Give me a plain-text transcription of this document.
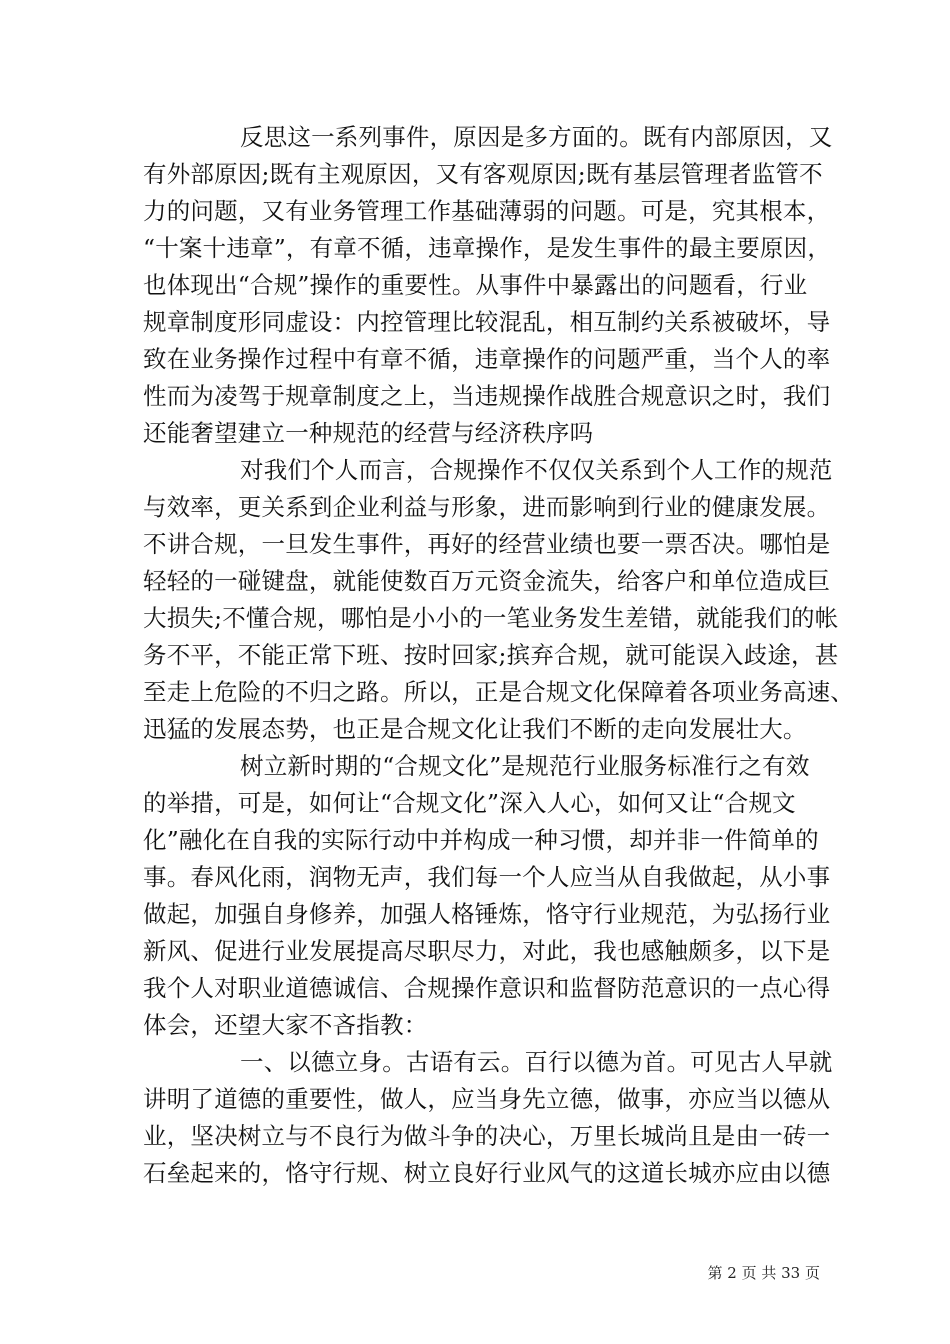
反思这一系列事件，原因是多方面的。既有内部原因，又
有外部原因;既有主观原因，又有客观原因;既有基层管理者监管不
力的问题，又有业务管理工作基础薄弱的问题。可是，究其根本，
“十案十违章”，有章不循，违章操作，是发生事件的最主要原因，
也体现出“合规”操作的重要性。从事件中暴露出的问题看，行业
规章制度形同虚设：内控管理比较混乱，相互制约关系被破坏，导
致在业务操作过程中有章不循，违章操作的问题严重，当个人的率
性而为凌驾于规章制度之上，当违规操作战胜合规意识之时，我们
还能奢望建立一种规范的经营与经济秩序吗
对我们个人而言，合规操作不仅仅关系到个人工作的规范
与效率，更关系到企业利益与形象，进而影响到行业的健康发展。
不讲合规，一旦发生事件，再好的经营业绩也要一票否决。哪怕是
轻轻的一碰键盘，就能使数百万元资金流失，给客户和单位造成巨
大损失;不懂合规，哪怕是小小的一笔业务发生差错，就能我们的帐
务不平，不能正常下班、按时回家;摈弃合规，就可能误入歧途，甚
至走上危险的不归之路。所以，正是合规文化保障着各项业务高速、
迅猛的发展态势，也正是合规文化让我们不断的走向发展壮大。
树立新时期的“合规文化”是规范行业服务标准行之有效
的举措，可是，如何让“合规文化”深入人心，如何又让“合规文
化”融化在自我的实际行动中并构成一种习惯，却并非一件简单的
事。春风化雨，润物无声，我们每一个人应当从自我做起，从小事
做起，加强自身修养，加强人格锤炼，恪守行业规范，为弘扬行业
新风、促进行业发展提高尽职尽力，对此，我也感触颇多，以下是
我个人对职业道德诚信、合规操作意识和监督防范意识的一点心得
体会，还望大家不吝指教：
一、以德立身。古语有云。百行以德为首。可见古人早就
讲明了道德的重要性，做人，应当身先立德，做事，亦应当以德从
业，坚决树立与不良行为做斗争的决心，万里长城尚且是由一砖一
石垒起来的，恪守行规、树立良好行业风气的这道长城亦应由以德
第 2 页 共 33 页
